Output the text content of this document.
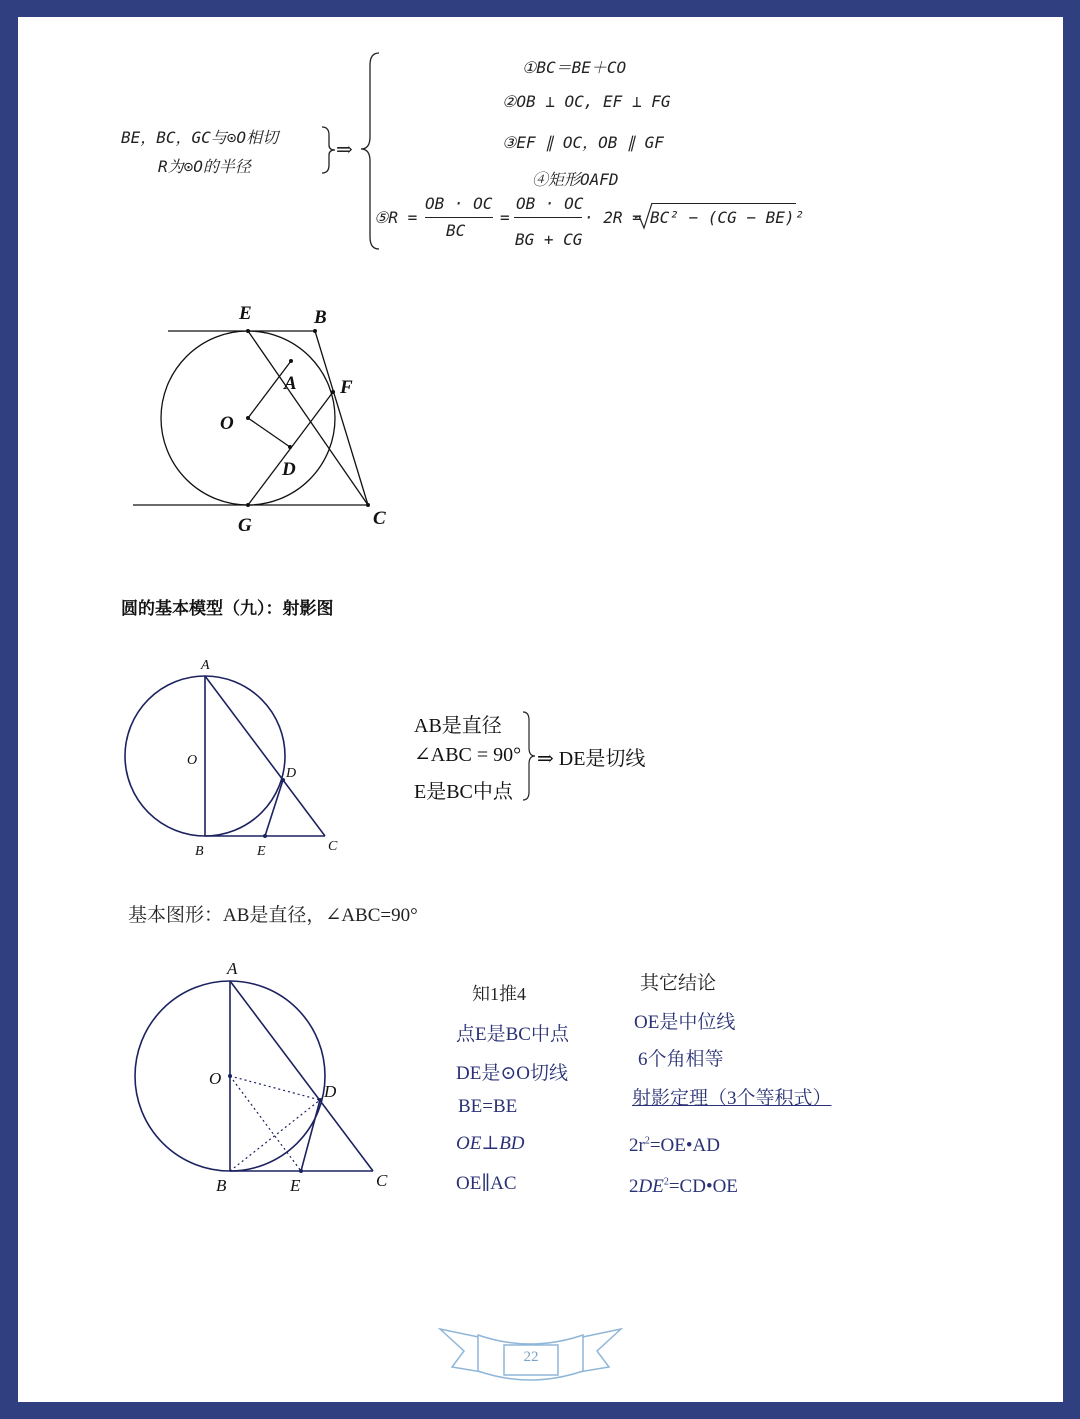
BE，BC，GC与⊙O相切
R为⊙O的半径
⇒
①BC＝BE＋CO
②OB ⊥ OC, EF ⊥ FG
③EF ∥ OC，OB ∥ GF
④矩形OAFD
⑤R =
OB · OC
BC
=
OB · OC
BG + CG
· 2R = BC² − (CG − BE)²
E	B
A F
O
D
G	C
圆的基本模型（九）：射影图
A
O
D
B	E	C
AB是直径
∠ABC = 90°
E是BC中点
⇒ DE是切线
基本图形：AB是直径，∠ABC=90°
A
O
D
B	E	C
知1推4
点E是BC中点
DE是⊙O切线
BE=BE
OE⊥BD
OE∥AC
其它结论
OE是中位线
6个角相等
射影定理（3个等积式）
$2r^2=OE•AD$
$2DE^2=CD•OE$
22
